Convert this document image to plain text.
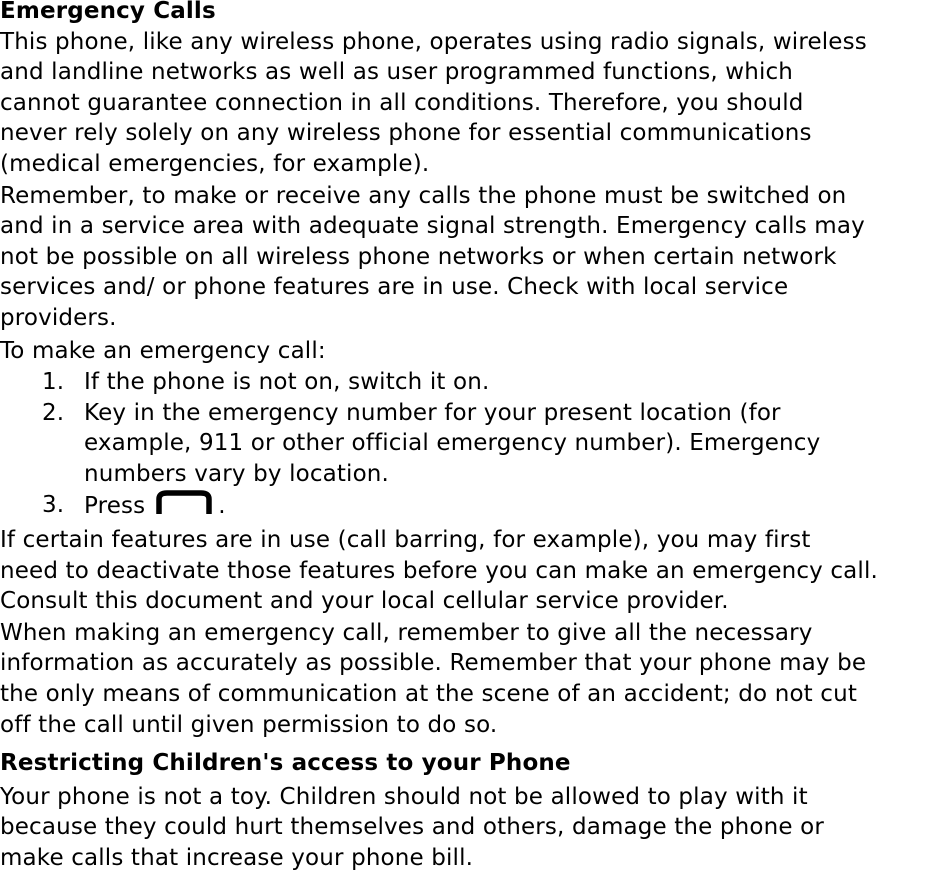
Emergency Calls

This phone, like any wireless phone, operates using radio signals, wireless
and landline networks as well as user programmed functions, which
cannot guarantee connection in all conditions. Therefore, you should
never rely solely on any wireless phone for essential communications
(medical emergencies, for example).

Remember, to make or receive any calls the phone must be switched on
and in a service area with adequate signal strength. Emergency calls may
not be possible on all wireless phone networks or when certain network
services and/ or phone features are in use. Check with local service
providers.

To make an emergency call:

1. If the phone is not on, switch it on.
2. Key in the emergency number for your present location (for
example, 911 or other official emergency number). Emergency
numbers vary by location.
3. Press	.

If certain features are in use (call barring, for example), you may first
need to deactivate those features before you can make an emergency call.
Consult this document and your local cellular service provider.

When making an emergency call, remember to give all the necessary
information as accurately as possible. Remember that your phone may be
the only means of communication at the scene of an accident; do not cut
off the call until given permission to do so.

Restricting Children's access to your Phone

Your phone is not a toy. Children should not be allowed to play with it
because they could hurt themselves and others, damage the phone or
make calls that increase your phone bill.
